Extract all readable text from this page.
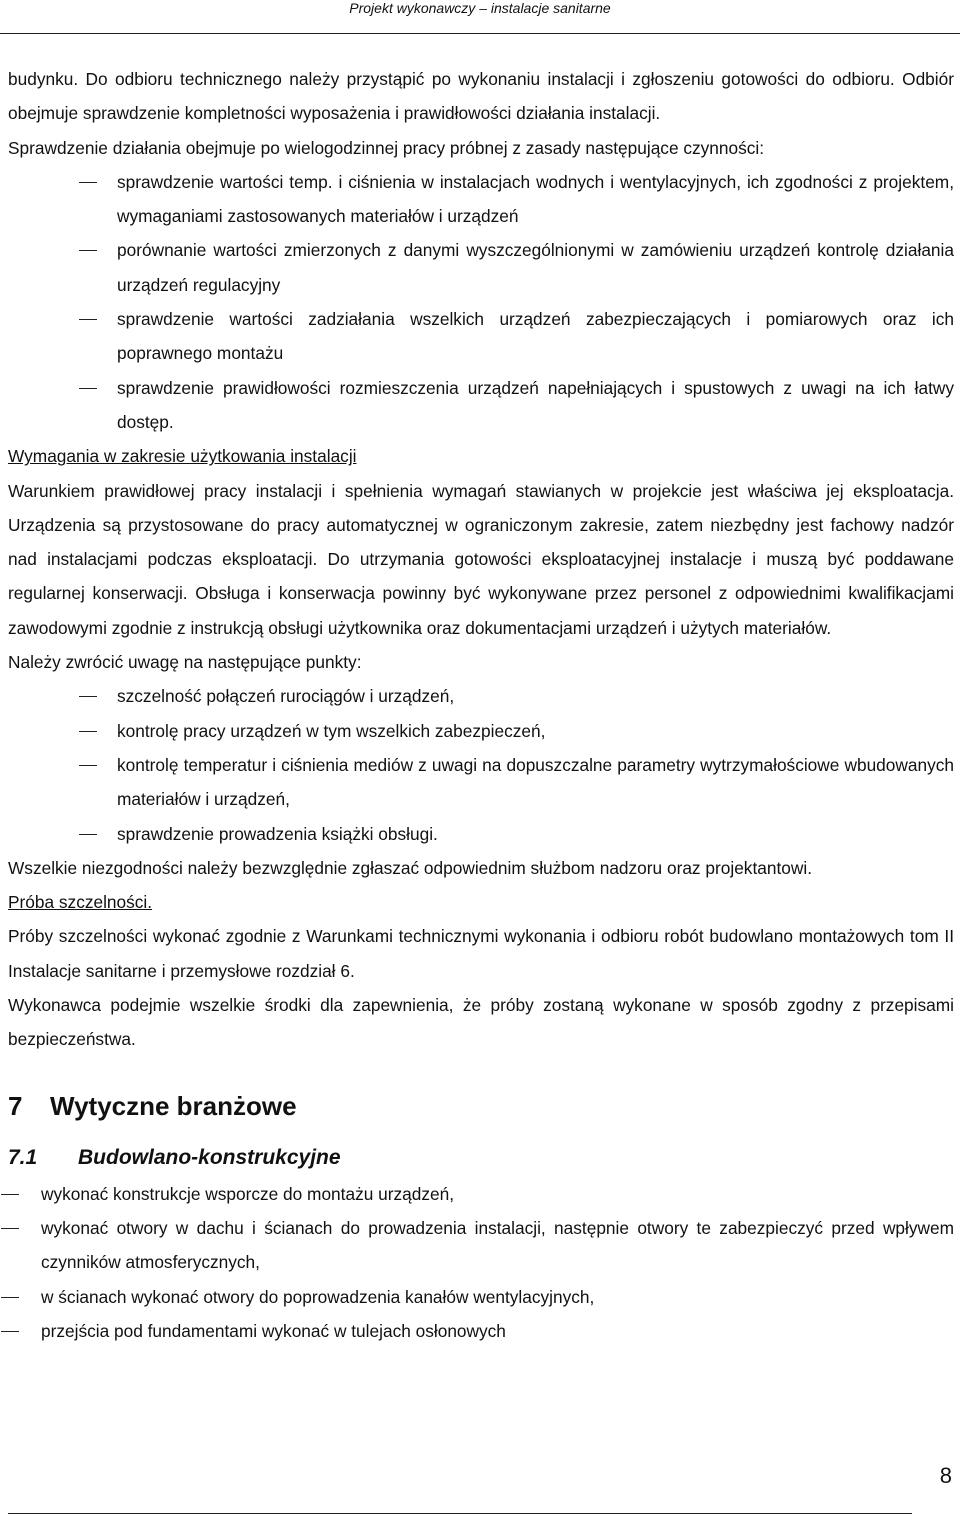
Projekt wykonawczy – instalacje sanitarne

budynku. Do odbioru technicznego należy przystąpić po wykonaniu instalacji i zgłoszeniu gotowości do odbioru. Odbiór obejmuje sprawdzenie kompletności wyposażenia i prawidłowości działania instalacji.

Sprawdzenie działania obejmuje po wielogodzinnej pracy próbnej z zasady następujące czynności:

sprawdzenie wartości temp. i ciśnienia w instalacjach wodnych i wentylacyjnych, ich zgodności z projektem, wymaganiami zastosowanych materiałów i urządzeń
porównanie wartości zmierzonych z danymi wyszczególnionymi w zamówieniu urządzeń kontrolę działania urządzeń regulacyjny
sprawdzenie wartości zadziałania wszelkich urządzeń zabezpieczających i pomiarowych oraz ich poprawnego montażu
sprawdzenie prawidłowości rozmieszczenia urządzeń napełniających i spustowych z uwagi na ich łatwy dostęp.

Wymagania w zakresie użytkowania instalacji

Warunkiem prawidłowej pracy instalacji i spełnienia wymagań stawianych w projekcie jest właściwa jej eksploatacja. Urządzenia są przystosowane do pracy automatycznej w ograniczonym zakresie, zatem niezbędny jest fachowy nadzór nad instalacjami podczas eksploatacji. Do utrzymania gotowości eksploatacyjnej instalacje i muszą być poddawane regularnej konserwacji. Obsługa i konserwacja powinny być wykonywane przez personel z odpowiednimi kwalifikacjami zawodowymi zgodnie z instrukcją obsługi użytkownika oraz dokumentacjami urządzeń i użytych materiałów.

Należy zwrócić uwagę na następujące punkty:

szczelność połączeń rurociągów i urządzeń,
kontrolę pracy urządzeń w tym wszelkich zabezpieczeń,
kontrolę temperatur i ciśnienia mediów z uwagi na dopuszczalne parametry wytrzymałościowe wbudowanych materiałów i urządzeń,
sprawdzenie prowadzenia książki obsługi.

Wszelkie niezgodności należy bezwzględnie zgłaszać odpowiednim służbom nadzoru oraz projektantowi.

Próba szczelności.

Próby szczelności wykonać zgodnie z Warunkami technicznymi wykonania i odbioru robót budowlano montażowych tom II Instalacje sanitarne i przemysłowe rozdział 6.

Wykonawca podejmie wszelkie środki dla zapewnienia, że próby zostaną wykonane w sposób zgodny z przepisami bezpieczeństwa.

7 Wytyczne branżowe
7.1 Budowlano-konstrukcyjne
wykonać konstrukcje wsporcze do montażu urządzeń,
wykonać otwory w dachu i ścianach do prowadzenia instalacji, następnie otwory te zabezpieczyć przed wpływem czynników atmosferycznych,
w ścianach wykonać otwory do poprowadzenia kanałów wentylacyjnych,
przejścia pod fundamentami wykonać w tulejach osłonowych
8
